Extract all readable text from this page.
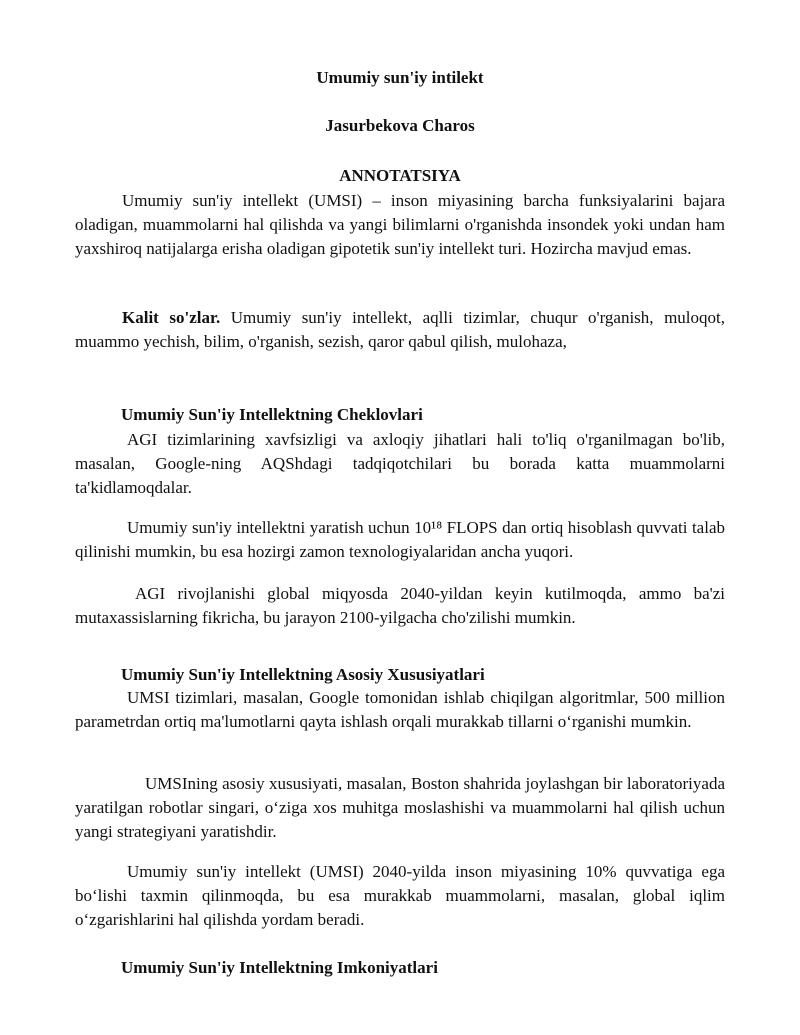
Umumiy sun'iy intilekt

Jasurbekova Charos

ANNOTATSIYA

Umumiy sun'iy intellekt (UMSI) – inson miyasining barcha funksiyalarini bajara oladigan, muammolarni hal qilishda va yangi bilimlarni o'rganishda insondek yoki undan ham yaxshiroq natijalarga erisha oladigan gipotetik sun'iy intellekt turi. Hozircha mavjud emas.

Kalit so'zlar. Umumiy sun'iy intellekt, aqlli tizimlar, chuqur o'rganish, muloqot, muammo yechish, bilim, o'rganish, sezish, qaror qabul qilish, mulohaza,

Umumiy Sun'iy Intellektning Cheklovlari

AGI tizimlarining xavfsizligi va axloqiy jihatlari hali to'liq o'rganilmagan bo'lib, masalan, Google-ning AQShdagi tadqiqotchilari bu borada katta muammolarni ta'kidlamoqdalar.

Umumiy sun'iy intellektni yaratish uchun 10¹⁸ FLOPS dan ortiq hisoblash quvvati talab qilinishi mumkin, bu esa hozirgi zamon texnologiyalaridan ancha yuqori.

AGI rivojlanishi global miqyosda 2040-yildan keyin kutilmoqda, ammo ba'zi mutaxassislarning fikricha, bu jarayon 2100-yilgacha cho'zilishi mumkin.

Umumiy Sun'iy Intellektning Asosiy Xususiyatlari

UMSI tizimlari, masalan, Google tomonidan ishlab chiqilgan algoritmlar, 500 million parametrdan ortiq ma'lumotlarni qayta ishlash orqali murakkab tillarni o‘rganishi mumkin.

UMSIning asosiy xususiyati, masalan, Boston shahrida joylashgan bir laboratoriyada yaratilgan robotlar singari, o‘ziga xos muhitga moslashishi va muammolarni hal qilish uchun yangi strategiyani yaratishdir.

Umumiy sun'iy intellekt (UMSI) 2040-yilda inson miyasining 10% quvvatiga ega bo‘lishi taxmin qilinmoqda, bu esa murakkab muammolarni, masalan, global iqlim o‘zgarishlarini hal qilishda yordam beradi.

Umumiy Sun'iy Intellektning Imkoniyatlari
